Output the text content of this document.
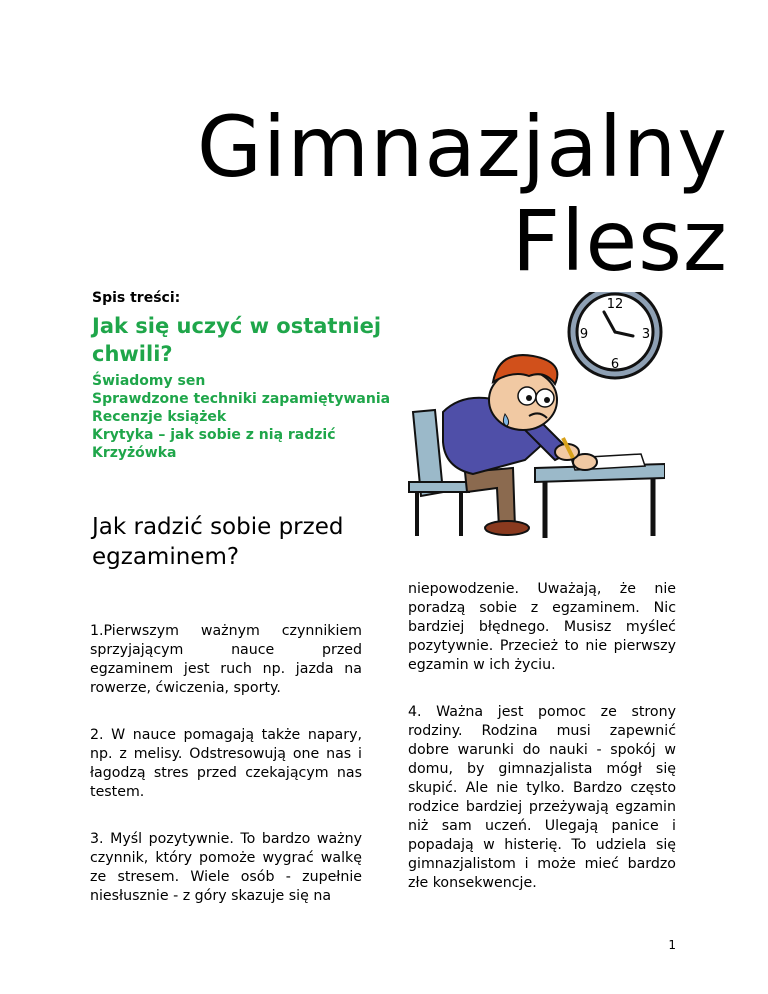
Gimnazjalny
Flesz
Spis treści:
Jak się uczyć w ostatniej chwili?
Świadomy sen
Sprawdzone techniki zapamiętywania
Recenzje książek
Krytyka – jak sobie z nią radzić
Krzyżówka
12
3
6
9
Jak radzić sobie przed egzaminem?

1.Pierwszym ważnym czynnikiem sprzyjającym nauce przed egzaminem jest ruch np. jazda na rowerze, ćwiczenia, sporty.

2. W nauce pomagają także napary, np. z melisy. Odstresowują one nas i łagodzą stres przed czekającym nas testem.

3. Myśl pozytywnie. To bardzo ważny czynnik, który pomoże wygrać walkę ze stresem. Wiele osób - zupełnie niesłusznie - z góry skazuje się na

niepowodzenie. Uważają, że nie poradzą sobie z egzaminem. Nic bardziej błędnego. Musisz myśleć pozytywnie. Przecież to nie pierwszy egzamin w ich życiu.

4. Ważna jest pomoc ze strony rodziny. Rodzina musi zapewnić dobre warunki do nauki - spokój w domu, by gimnazjalista mógł się skupić. Ale nie tylko. Bardzo często rodzice bardziej przeżywają egzamin niż sam uczeń. Ulegają panice i popadają w histerię. To udziela się gimnazjalistom i może mieć bardzo złe konsekwencje.

1
